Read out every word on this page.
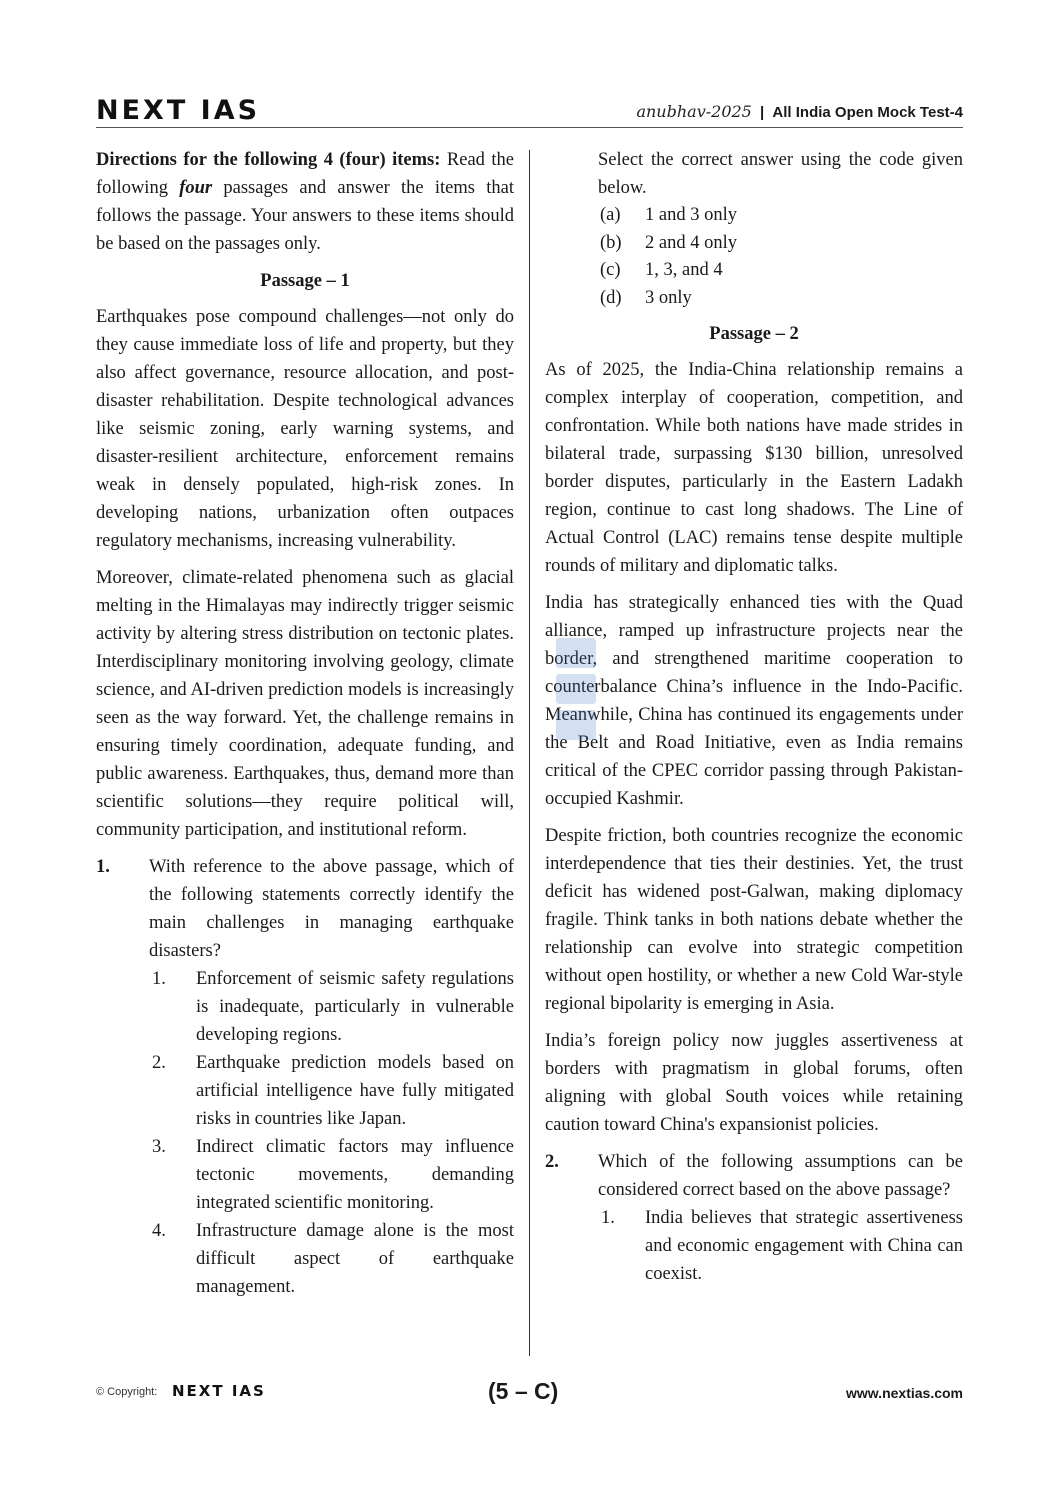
NEXT IAS	anubhav-2025 | All India Open Mock Test-4

Directions for the following 4 (four) items: Read the following four passages and answer the items that follows the passage. Your answers to these items should be based on the passages only.

Passage – 1

Earthquakes pose compound challenges—not only do they cause immediate loss of life and property, but they also affect governance, resource allocation, and post-disaster rehabilitation. Despite technological advances like seismic zoning, early warning systems, and disaster-resilient architecture, enforcement remains weak in densely populated, high-risk zones. In developing nations, urbanization often outpaces regulatory mechanisms, increasing vulnerability.

Moreover, climate-related phenomena such as glacial melting in the Himalayas may indirectly trigger seismic activity by altering stress distribution on tectonic plates. Interdisciplinary monitoring involving geology, climate science, and AI-driven prediction models is increasingly seen as the way forward. Yet, the challenge remains in ensuring timely coordination, adequate funding, and public awareness. Earthquakes, thus, demand more than scientific solutions—they require political will, community participation, and institutional reform.

1. With reference to the above passage, which of the following statements correctly identify the main challenges in managing earthquake disasters?

1. Enforcement of seismic safety regulations is inadequate, particularly in vulnerable developing regions.
2. Earthquake prediction models based on artificial intelligence have fully mitigated risks in countries like Japan.
3. Indirect climatic factors may influence tectonic movements, demanding integrated scientific monitoring.
4. Infrastructure damage alone is the most difficult aspect of earthquake management.

Select the correct answer using the code given below.

(a) 1 and 3 only
(b) 2 and 4 only
(c) 1, 3, and 4
(d) 3 only
Passage – 2

As of 2025, the India-China relationship remains a complex interplay of cooperation, competition, and confrontation. While both nations have made strides in bilateral trade, surpassing $130 billion, unresolved border disputes, particularly in the Eastern Ladakh region, continue to cast long shadows. The Line of Actual Control (LAC) remains tense despite multiple rounds of military and diplomatic talks.

India has strategically enhanced ties with the Quad alliance, ramped up infrastructure projects near the border, and strengthened maritime cooperation to counterbalance China’s influence in the Indo-Pacific. Meanwhile, China has continued its engagements under the Belt and Road Initiative, even as India remains critical of the CPEC corridor passing through Pakistan-occupied Kashmir.

Despite friction, both countries recognize the economic interdependence that ties their destinies. Yet, the trust deficit has widened post-Galwan, making diplomacy fragile. Think tanks in both nations debate whether the relationship can evolve into strategic competition without open hostility, or whether a new Cold War-style regional bipolarity is emerging in Asia.

India’s foreign policy now juggles assertiveness at borders with pragmatism in global forums, often aligning with global South voices while retaining caution toward China's expansionist policies.

2. Which of the following assumptions can be considered correct based on the above passage?

1. India believes that strategic assertiveness and economic engagement with China can coexist.
© Copyright: NEXT IAS	(5 – C)	www.nextias.com
